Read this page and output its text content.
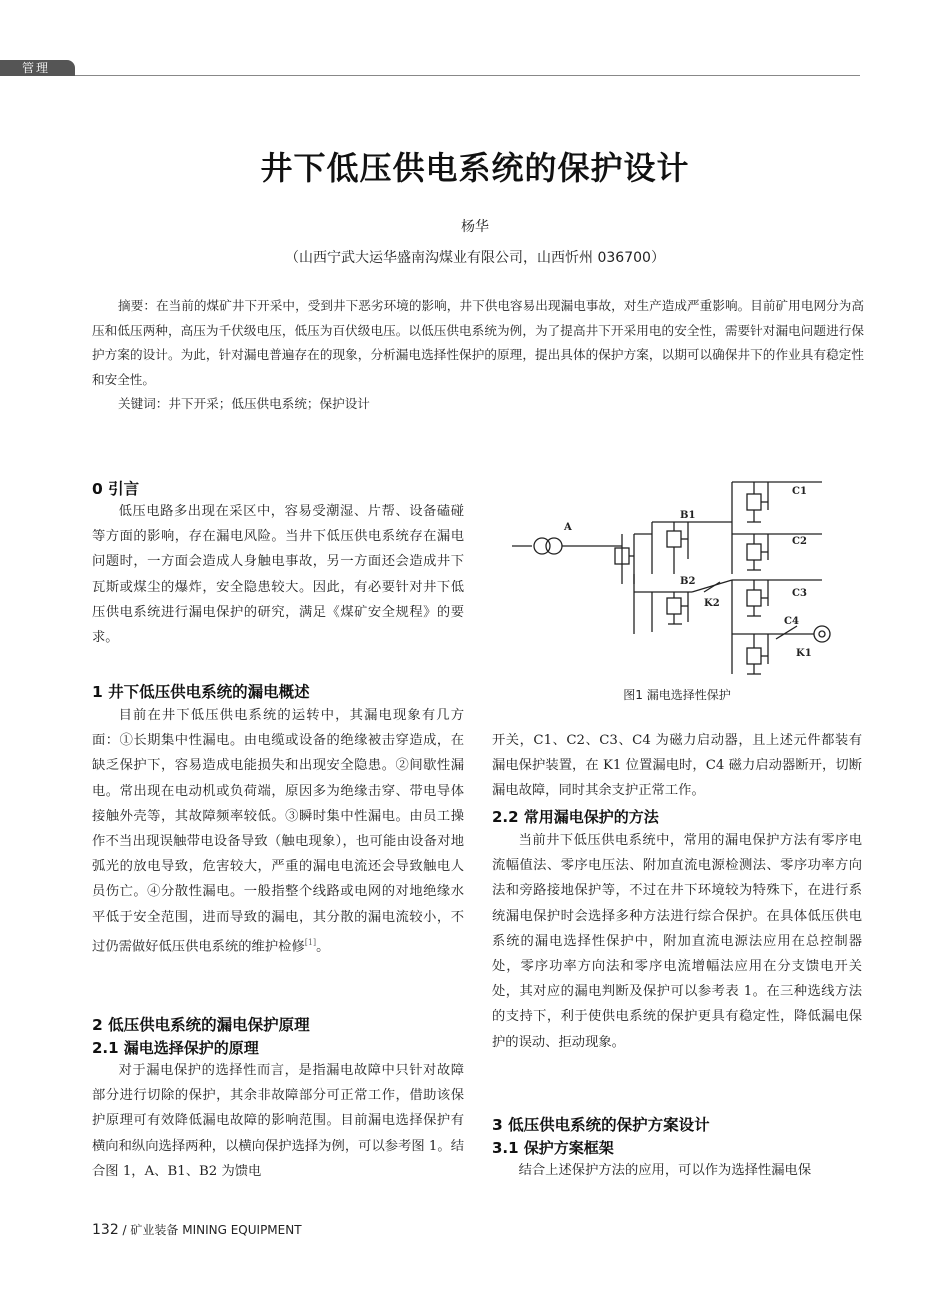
管理
井下低压供电系统的保护设计
杨华
（山西宁武大运华盛南沟煤业有限公司，山西忻州 036700）
摘要：在当前的煤矿井下开采中，受到井下恶劣环境的影响，井下供电容易出现漏电事故，对生产造成严重影响。目前矿用电网分为高压和低压两种，高压为千伏级电压，低压为百伏级电压。以低压供电系统为例，为了提高井下开采用电的安全性，需要针对漏电问题进行保护方案的设计。为此，针对漏电普遍存在的现象，分析漏电选择性保护的原理，提出具体的保护方案，以期可以确保井下的作业具有稳定性和安全性。
关键词：井下开采；低压供电系统；保护设计
0 引言
低压电路多出现在采区中，容易受潮湿、片帮、设备磕碰等方面的影响，存在漏电风险。当井下低压供电系统存在漏电问题时，一方面会造成人身触电事故，另一方面还会造成井下瓦斯或煤尘的爆炸，安全隐患较大。因此，有必要针对井下低压供电系统进行漏电保护的研究，满足《煤矿安全规程》的要求。
1 井下低压供电系统的漏电概述
目前在井下低压供电系统的运转中，其漏电现象有几方面：①长期集中性漏电。由电缆或设备的绝缘被击穿造成，在缺乏保护下，容易造成电能损失和出现安全隐患。②间歇性漏电。常出现在电动机或负荷端，原因多为绝缘击穿、带电导体接触外壳等，其故障频率较低。③瞬时集中性漏电。由员工操作不当出现误触带电设备导致（触电现象），也可能由设备对地弧光的放电导致，危害较大，严重的漏电电流还会导致触电人员伤亡。④分散性漏电。一般指整个线路或电网的对地绝缘水平低于安全范围，进而导致的漏电，其分散的漏电流较小，不过仍需做好低压供电系统的维护检修[1]。
2 低压供电系统的漏电保护原理
2.1 漏电选择保护的原理
对于漏电保护的选择性而言，是指漏电故障中只针对故障部分进行切除的保护，其余非故障部分可正常工作，借助该保护原理可有效降低漏电故障的影响范围。目前漏电选择保护有横向和纵向选择两种，以横向保护选择为例，可以参考图 1。结合图 1，A、B1、B2 为馈电
A
B1
B2
C1
C2
C3
C4
K1
K2
图1 漏电选择性保护
开关，C1、C2、C3、C4 为磁力启动器，且上述元件都装有漏电保护装置，在 K1 位置漏电时，C4 磁力启动器断开，切断漏电故障，同时其余支护正常工作。
2.2 常用漏电保护的方法
当前井下低压供电系统中，常用的漏电保护方法有零序电流幅值法、零序电压法、附加直流电源检测法、零序功率方向法和旁路接地保护等，不过在井下环境较为特殊下，在进行系统漏电保护时会选择多种方法进行综合保护。在具体低压供电系统的漏电选择性保护中，附加直流电源法应用在总控制器处，零序功率方向法和零序电流增幅法应用在分支馈电开关处，其对应的漏电判断及保护可以参考表 1。在三种选线方法的支持下，利于使供电系统的保护更具有稳定性，降低漏电保护的误动、拒动现象。
3 低压供电系统的保护方案设计
3.1 保护方案框架
结合上述保护方法的应用，可以作为选择性漏电保
132 / 矿业装备 MINING EQUIPMENT
